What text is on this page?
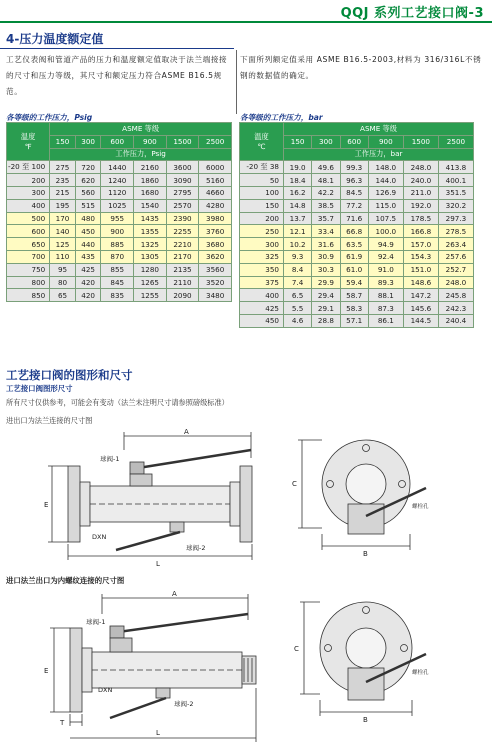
QQJ 系列工艺接口阀-3
4-压力温度额定值
工艺仪表阀和管道产品的压力和温度额定值取决于法兰端接接的尺寸和压力等级，其尺寸和额定压力符合ASME B16.5规范。
下面所列额定值采用 ASME B16.5-2003,材料为 316/316L不锈钢的数据值的确定。
各等级的工作压力，Psig	各等级的工作压力，bar
温度
℉	ASME 等级					
	150	300	600	900	1500	2500
	工作压力，Psig					
-20 至 100	275	720	1440	2160	3600	6000
200	235	620	1240	1860	3090	5160
300	215	560	1120	1680	2795	4660
400	195	515	1025	1540	2570	4280
500	170	480	955	1435	2390	3980
600	140	450	900	1355	2255	3760
650	125	440	885	1325	2210	3680
700	110	435	870	1305	2170	3620
750	95	425	855	1280	2135	3560
800	80	420	845	1265	2110	3520
850	65	420	835	1255	2090	3480
温度
℃	ASME 等级					
	150	300	600	900	1500	2500
	工作压力，bar					
-20 至 38	19.0	49.6	99.3	148.0	248.0	413.8
50	18.4	48.1	96.3	144.0	240.0	400.1
100	16.2	42.2	84.5	126.9	211.0	351.5
150	14.8	38.5	77.2	115.0	192.0	320.2
200	13.7	35.7	71.6	107.5	178.5	297.3
250	12.1	33.4	66.8	100.0	166.8	278.5
300	10.2	31.6	63.5	94.9	157.0	263.4
325	9.3	30.9	61.9	92.4	154.3	257.6
350	8.4	30.3	61.0	91.0	151.0	252.7
375	7.4	29.9	59.4	89.3	148.6	248.0
400	6.5	29.4	58.7	88.1	147.2	245.8
425	5.5	29.1	58.3	87.3	145.6	242.3
450	4.6	28.8	57.1	86.1	144.5	240.4
工艺接口阀的图形和尺寸
工艺接口阀图形尺寸
所有尺寸仅供参考，可能会有变动（法兰未注明尺寸请参照磅级标准）
进出口为法兰连接的尺寸图
A
球阀-1
E
DXN
球阀-2
L
C
B
螺栓孔
进口法兰出口为内螺纹连接的尺寸图
A
球阀-1
E
DXN
球阀-2
T
L
C
B
螺栓孔
